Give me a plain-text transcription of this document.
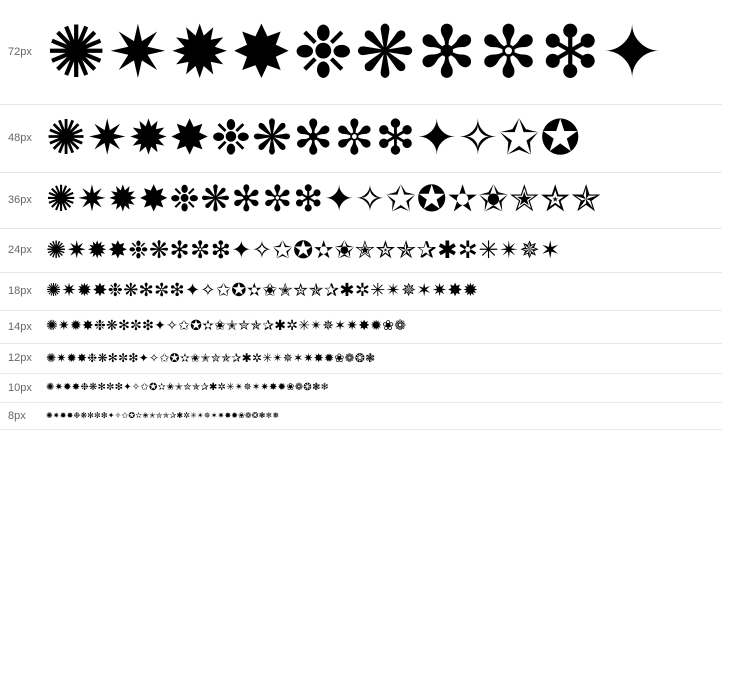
72px ✺✷✹✸❉❋✻✼❇✦
48px ✺✷✹✸❉❋✻✼❇✦✧✩✪
36px ✺✷✹✸❉❋✻✼❇✦✧✩✪✫✬✭✮✯
24px ✺✷✹✸❉❋✻✼❇✦✧✩✪✫✬✭✮✯✰✱✲✳✴✵✶
18px ✺✷✹✸❉❋✻✼❇✦✧✩✪✫✬✭✮✯✰✱✲✳✴✵✶✷✸✹
14px	✺✷✹✸❉❋✻✼❇✦✧✩✪✫✬✭✮✯✰✱✲✳✴✵✶✷✸✹❀❁
12px	✺✷✹✸❉❋✻✼❇✦✧✩✪✫✬✭✮✯✰✱✲✳✴✵✶✷✸✹❀❁❂❃
10px	✺✷✹✸❉❋✻✼❇✦✧✩✪✫✬✭✮✯✰✱✲✳✴✵✶✷✸✹❀❁❂❃❄
8px	✺✷✹✸❉❋✻✼❇✦✧✩✪✫✬✭✮✯✰✱✲✳✴✵✶✷✸✹❀❁❂❃❄❅
